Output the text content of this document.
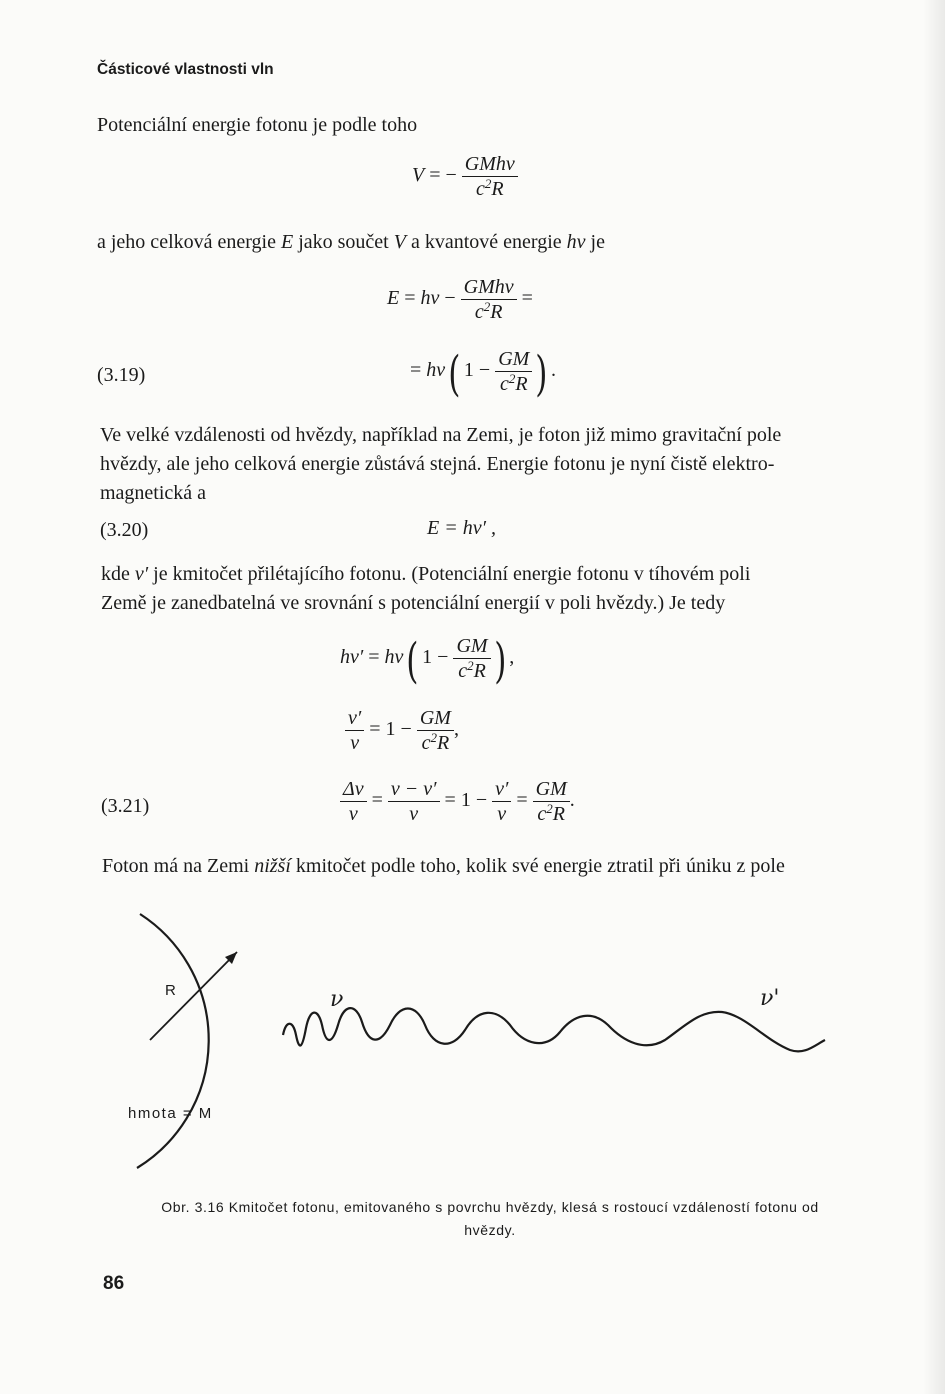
Částicové vlastnosti vln
Potenciální energie fotonu je podle toho
V = − $\frac{\text{GMhν}}{c^2R}$
a jeho celková energie E jako součet V a kvantové energie hν je
$E = h\nu - \frac{\text{GMhν}}{c^2R}$ =
(3.19)	= hν( $1 - \frac{GM}{c^2R}$ ) .
Ve velké vzdálenosti od hvězdy, například na Zemi, je foton již mimo gravitační pole
hvězdy, ale jeho celková energie zůstává stejná. Energie fotonu je nyní čistě elektro-
magnetická a
(3.20)	E = hν′ ,
kde ν′ je kmitočet přilétajícího fotonu. (Potenciální energie fotonu v tíhovém poli
Země je zanedbatelná ve srovnání s potenciální energií v poli hvězdy.) Je tedy
hν′ = hν( $1 - \frac{GM}{c^2R}$ ) ,
$\frac{\nu'}{\nu} = 1 - \frac{GM}{c^2R}$ ,
(3.21)	$\frac{\Delta\nu}{\nu} = \frac{\nu - \nu'}{\nu} = 1 - \frac{\nu'}{\nu} = \frac{GM}{c^2R}$ .
Foton má na Zemi nižší kmitočet podle toho, kolik své energie ztratil při úniku z pole
R	ν	ν'
hmota = M
Obr. 3.16 Kmitočet fotonu, emitovaného s povrchu hvězdy, klesá s rostoucí vzdáleností fotonu od
hvězdy.
86
